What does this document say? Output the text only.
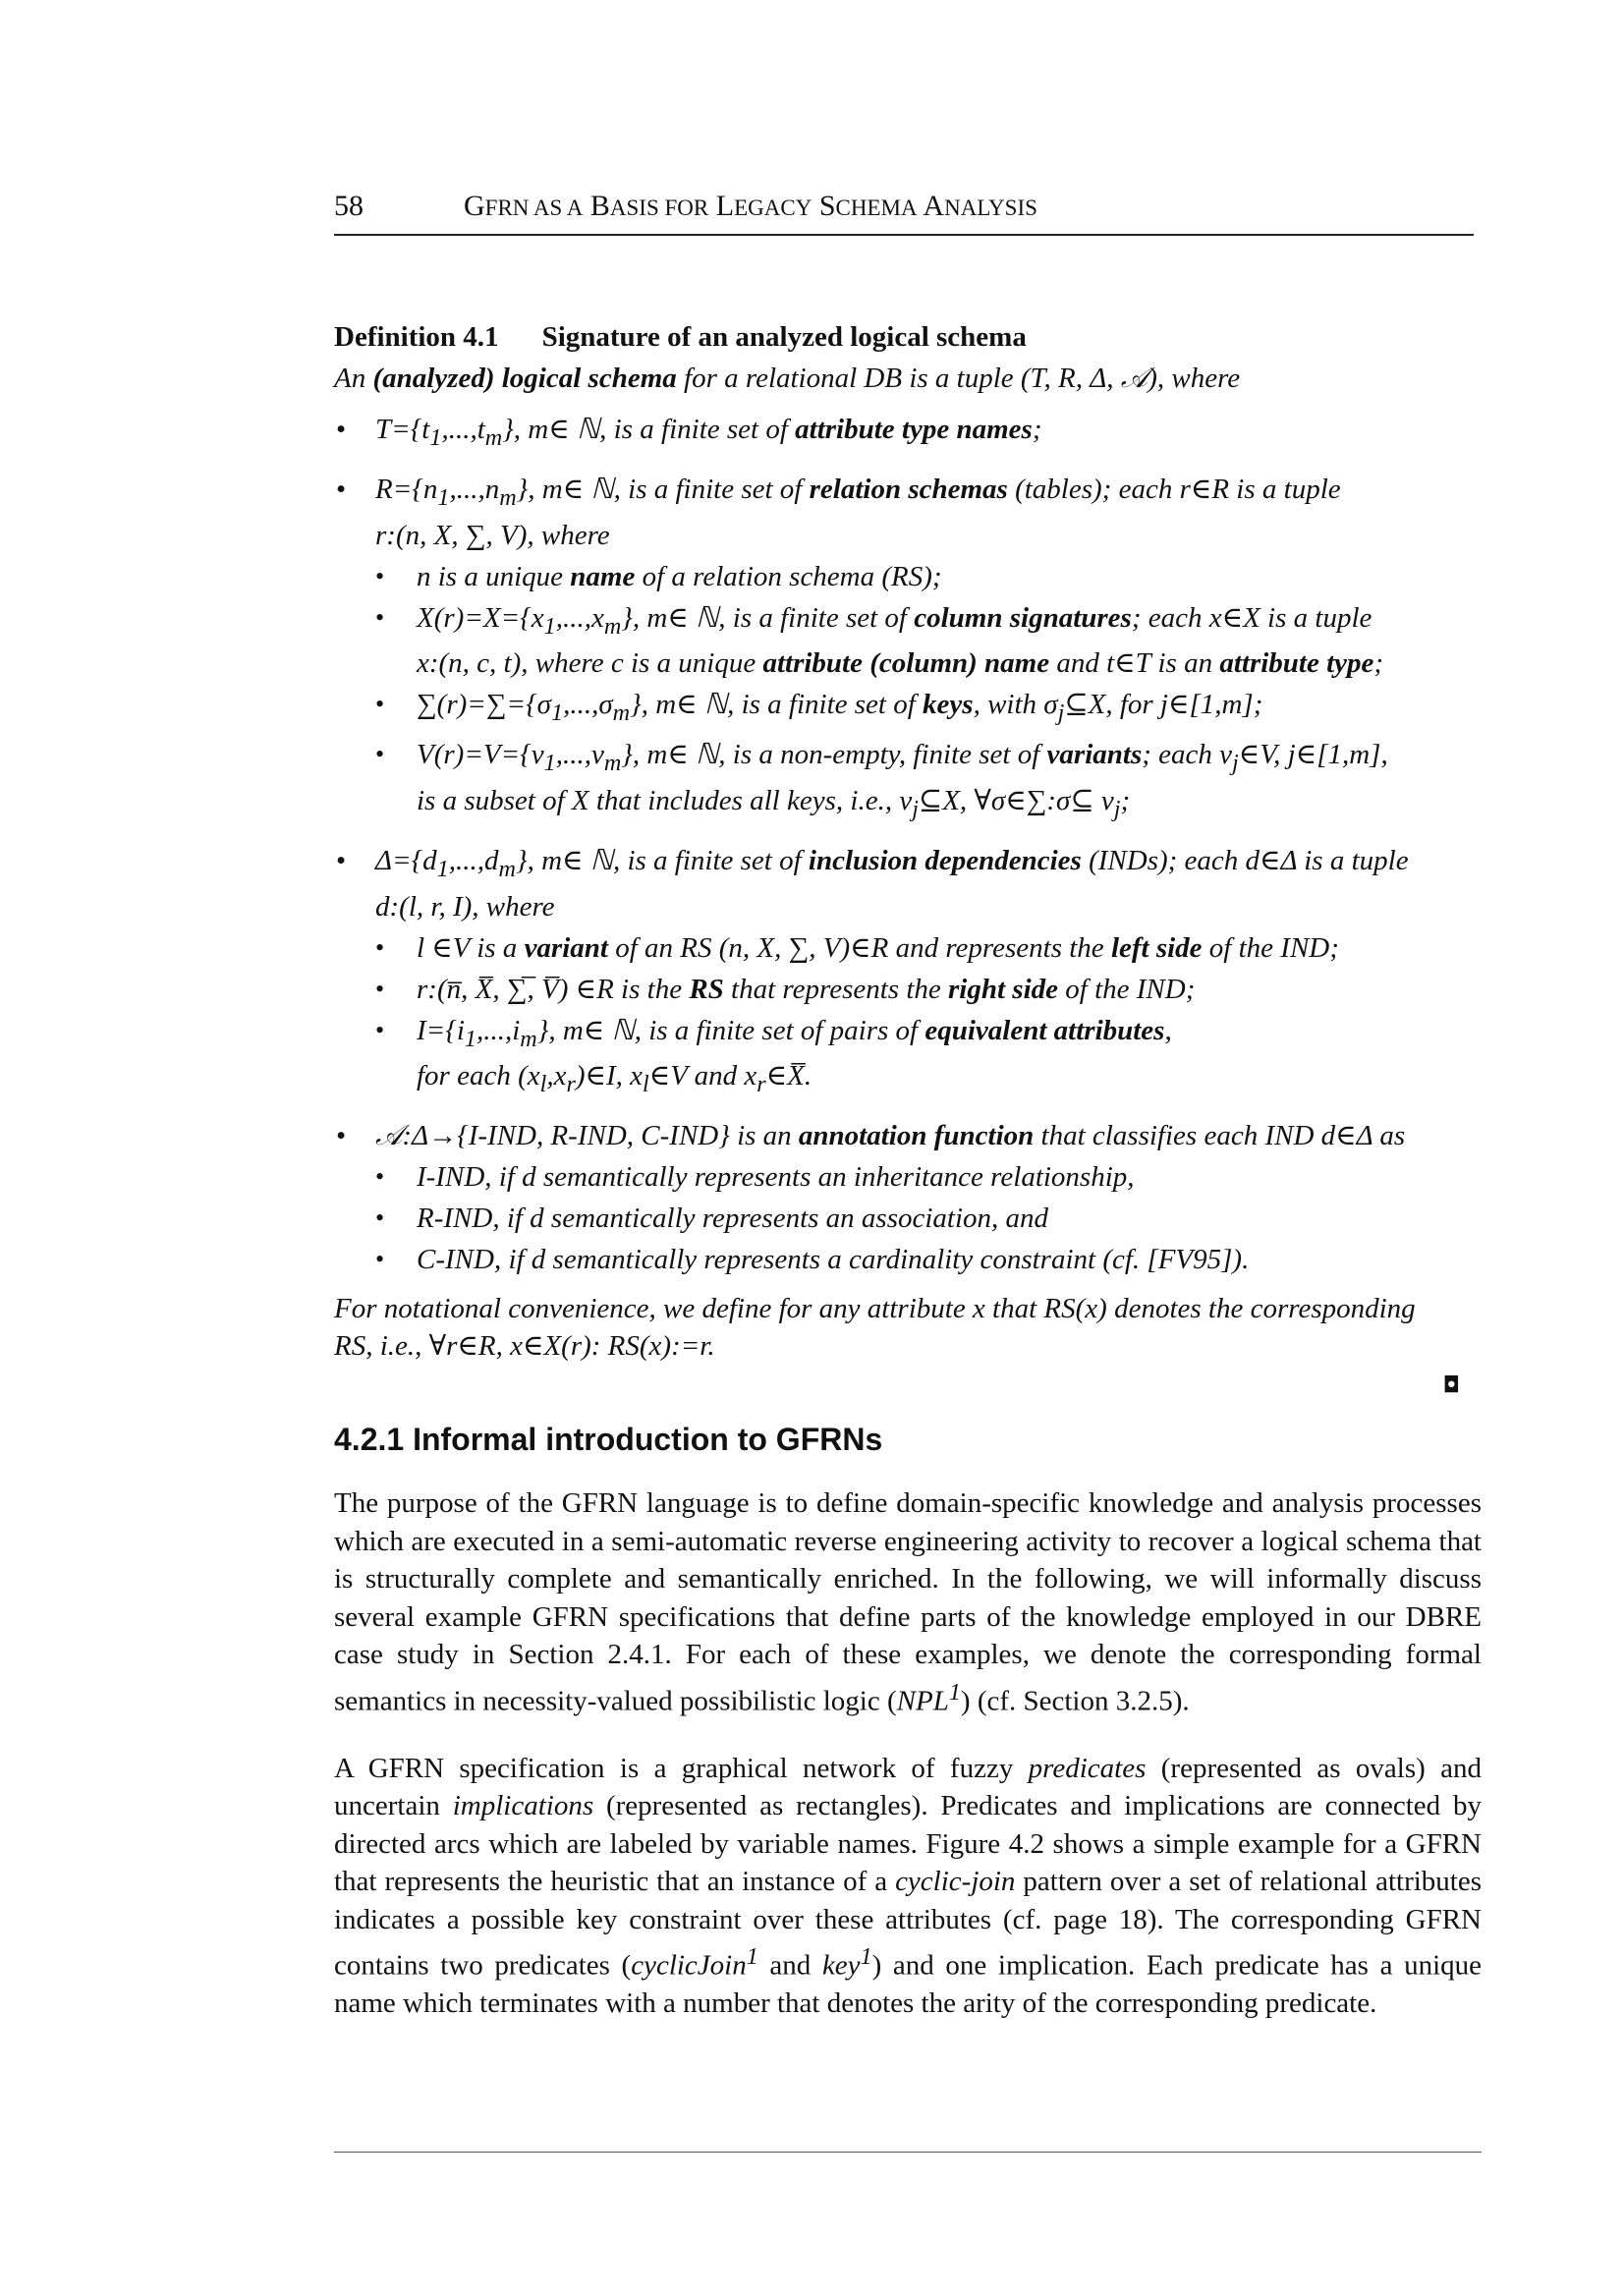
58	GFRN AS A BASIS FOR LEGACY SCHEMA ANALYSIS
Definition 4.1 Signature of an analyzed logical schema

An (analyzed) logical schema for a relational DB is a tuple (T, R, Δ, 𝒜), where

• $T=\{t_1,...,t_m\}$, m∈ ℕ, is a finite set of attribute type names;
• $R=\{n_1,...,n_m\}$, m∈ ℕ, is a finite set of relation schemas (tables); each r∈R is a tuple
r:(n, X, ∑, V), where
• n is a unique name of a relation schema (RS);
• $X(r)=X=\{x_1,...,x_m\}$, m∈ ℕ, is a finite set of column signatures; each x∈X is a tuple
x:(n, c, t), where c is a unique attribute (column) name and t∈T is an attribute type;
• $\sum(r)=\sum=\{\sigma_1,...,\sigma_m\}$, m∈ ℕ, is a finite set of keys, with $\sigma_j⊆X$, for j∈[1,m];
• $V(r)=V=\{v_1,...,v_m\}$, m∈ ℕ, is a non-empty, finite set of variants; each $v_j\in V$, j∈[1,m],
is a subset of X that includes all keys, i.e., $v_j⊆X$, ∀σ∈∑:σ⊆ $v_j$;
• $\Delta=\{d_1,...,d_m\}$, m∈ ℕ, is a finite set of inclusion dependencies (INDs); each d∈Δ is a tuple
d:(l, r, I), where
• l ∈V is a variant of an RS (n, X, ∑, V)∈R and represents the left side of the IND;
• r:(n̅, X̅, ∑̅, V̅) ∈R is the RS that represents the right side of the IND;
• $I=\{i_1,...,i_m\}$, m∈ ℕ, is a finite set of pairs of equivalent attributes,
for each $(x_l,x_r)\in I$, $x_l\in V$ and $x_r\in X̅$.
• 𝒜:Δ→{I-IND, R-IND, C-IND} is an annotation function that classifies each IND d∈Δ as
• I-IND, if d semantically represents an inheritance relationship,
• R-IND, if d semantically represents an association, and
• C-IND, if d semantically represents a cardinality constraint (cf. [FV95]).

For notational convenience, we define for any attribute x that RS(x) denotes the corresponding
RS, i.e., ∀r∈R, x∈X(r): RS(x):=r.

◘
4.2.1 Informal introduction to GFRNs

The purpose of the GFRN language is to define domain-specific knowledge and analysis processes which are executed in a semi-automatic reverse engineering activity to recover a logical schema that is structurally complete and semantically enriched. In the following, we will informally discuss several example GFRN specifications that define parts of the knowledge employed in our DBRE case study in Section 2.4.1. For each of these examples, we denote the corresponding formal semantics in necessity-valued possibilistic logic (NPL$^1$) (cf. Section 3.2.5).

A GFRN specification is a graphical network of fuzzy predicates (represented as ovals) and uncertain implications (represented as rectangles). Predicates and implications are connected by directed arcs which are labeled by variable names. Figure 4.2 shows a simple example for a GFRN that represents the heuristic that an instance of a cyclic-join pattern over a set of relational attributes indicates a possible key constraint over these attributes (cf. page 18). The corresponding GFRN contains two predicates (cyclicJoin$^1$ and key$^1$) and one implication. Each predicate has a unique name which terminates with a number that denotes the arity of the corresponding predicate.
